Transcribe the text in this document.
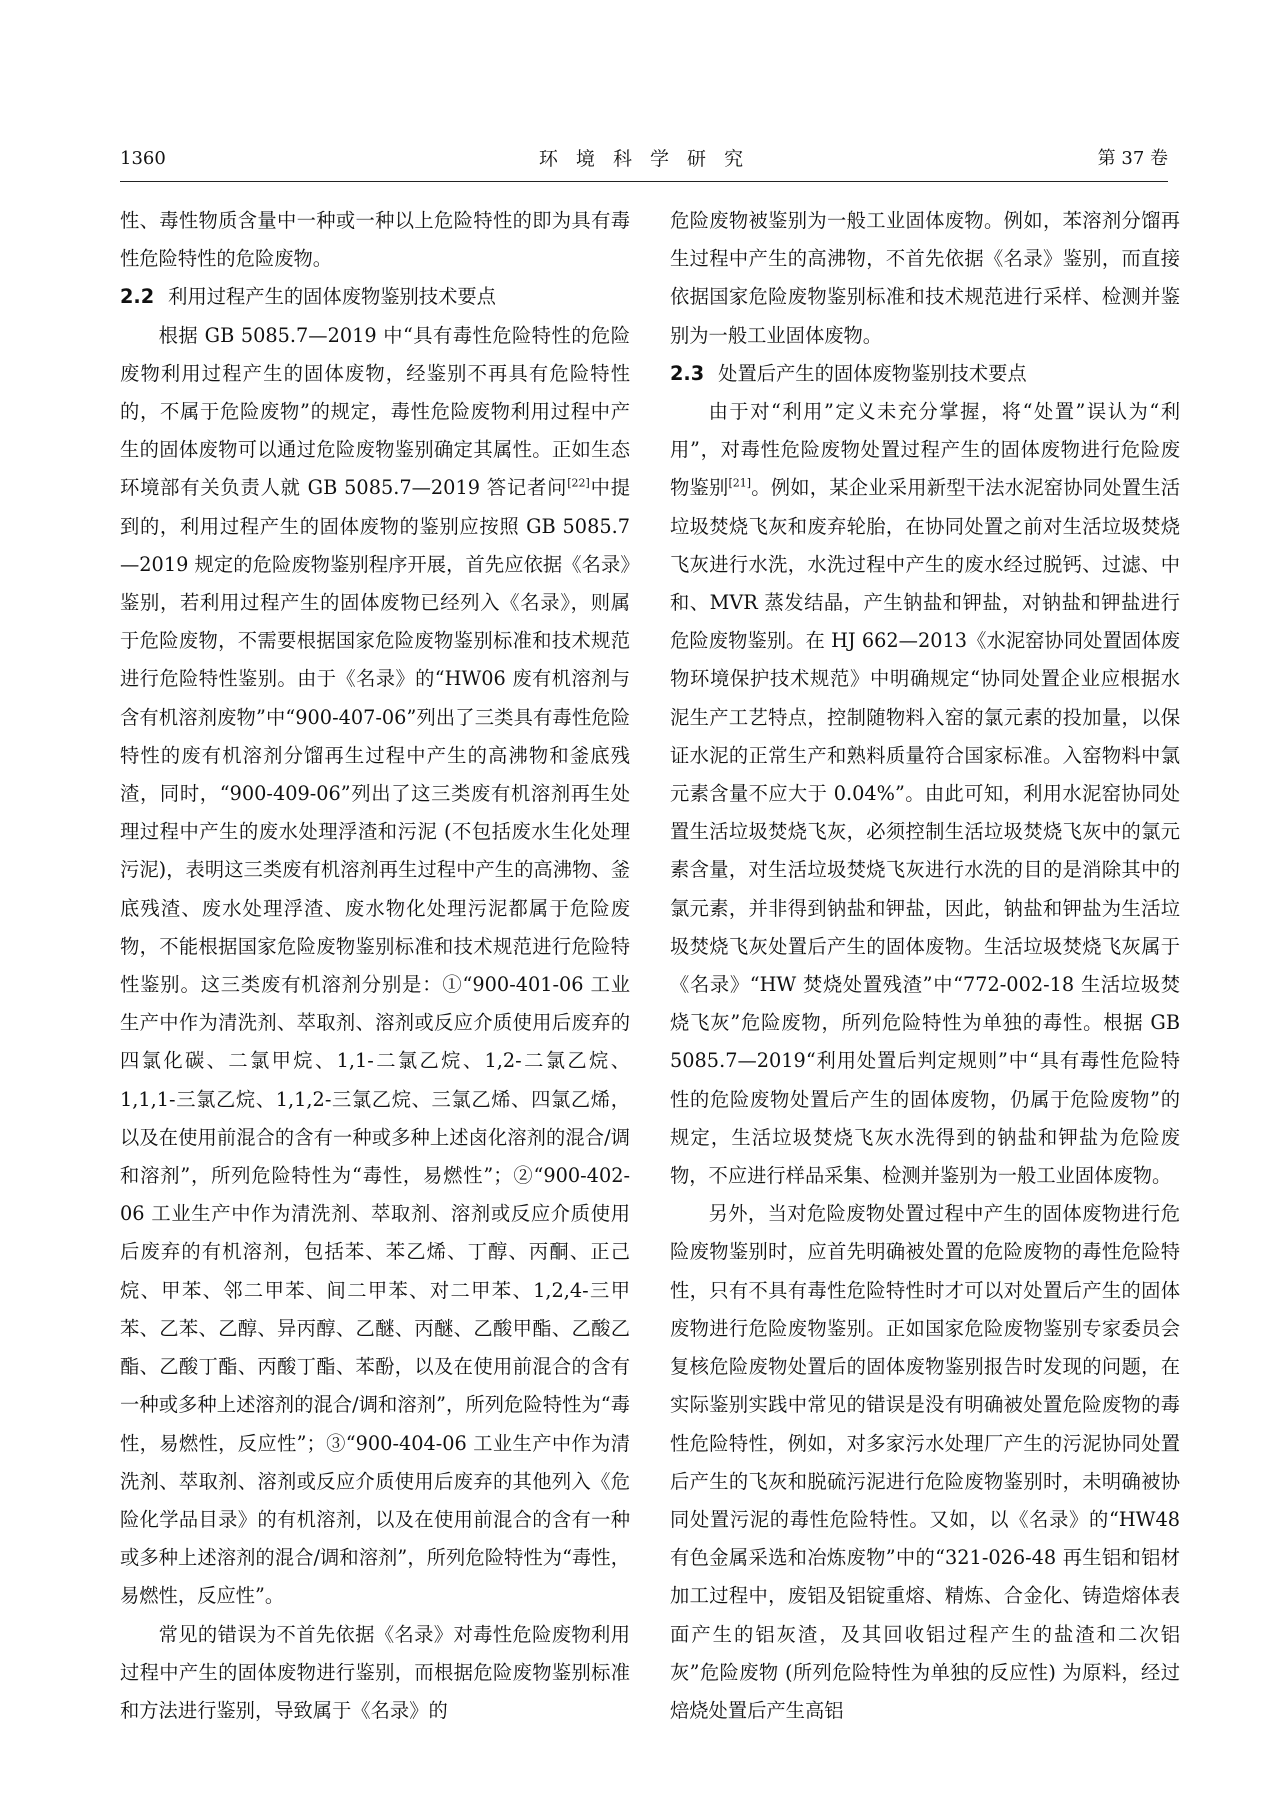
1360	环 境 科 学 研 究	第 37 卷

性、毒性物质含量中一种或一种以上危险特性的即为具有毒性危险特性的危险废物。

2.2 利用过程产生的固体废物鉴别技术要点

根据 GB 5085.7—2019 中“具有毒性危险特性的危险废物利用过程产生的固体废物，经鉴别不再具有危险特性的，不属于危险废物”的规定，毒性危险废物利用过程中产生的固体废物可以通过危险废物鉴别确定其属性。正如生态环境部有关负责人就 GB 5085.7—2019 答记者问[22]中提到的，利用过程产生的固体废物的鉴别应按照 GB 5085.7—2019 规定的危险废物鉴别程序开展，首先应依据《名录》鉴别，若利用过程产生的固体废物已经列入《名录》，则属于危险废物，不需要根据国家危险废物鉴别标准和技术规范进行危险特性鉴别。由于《名录》的“HW06 废有机溶剂与含有机溶剂废物”中“900-407-06”列出了三类具有毒性危险特性的废有机溶剂分馏再生过程中产生的高沸物和釜底残渣，同时，“900-409-06”列出了这三类废有机溶剂再生处理过程中产生的废水处理浮渣和污泥 (不包括废水生化处理污泥)，表明这三类废有机溶剂再生过程中产生的高沸物、釜底残渣、废水处理浮渣、废水物化处理污泥都属于危险废物，不能根据国家危险废物鉴别标准和技术规范进行危险特性鉴别。这三类废有机溶剂分别是：①“900-401-06 工业生产中作为清洗剂、萃取剂、溶剂或反应介质使用后废弃的四氯化碳、二氯甲烷、1,1-二氯乙烷、1,2-二氯乙烷、1,1,1-三氯乙烷、1,1,2-三氯乙烷、三氯乙烯、四氯乙烯，以及在使用前混合的含有一种或多种上述卤化溶剂的混合/调和溶剂”，所列危险特性为“毒性，易燃性”；②“900-402-06 工业生产中作为清洗剂、萃取剂、溶剂或反应介质使用后废弃的有机溶剂，包括苯、苯乙烯、丁醇、丙酮、正己烷、甲苯、邻二甲苯、间二甲苯、对二甲苯、1,2,4-三甲苯、乙苯、乙醇、异丙醇、乙醚、丙醚、乙酸甲酯、乙酸乙酯、乙酸丁酯、丙酸丁酯、苯酚，以及在使用前混合的含有一种或多种上述溶剂的混合/调和溶剂”，所列危险特性为“毒性，易燃性，反应性”；③“900-404-06 工业生产中作为清洗剂、萃取剂、溶剂或反应介质使用后废弃的其他列入《危险化学品目录》的有机溶剂，以及在使用前混合的含有一种或多种上述溶剂的混合/调和溶剂”，所列危险特性为“毒性，易燃性，反应性”。

常见的错误为不首先依据《名录》对毒性危险废物利用过程中产生的固体废物进行鉴别，而根据危险废物鉴别标准和方法进行鉴别，导致属于《名录》的

危险废物被鉴别为一般工业固体废物。例如，苯溶剂分馏再生过程中产生的高沸物，不首先依据《名录》鉴别，而直接依据国家危险废物鉴别标准和技术规范进行采样、检测并鉴别为一般工业固体废物。

2.3 处置后产生的固体废物鉴别技术要点

由于对“利用”定义未充分掌握，将“处置”误认为“利用”，对毒性危险废物处置过程产生的固体废物进行危险废物鉴别[21]。例如，某企业采用新型干法水泥窑协同处置生活垃圾焚烧飞灰和废弃轮胎，在协同处置之前对生活垃圾焚烧飞灰进行水洗，水洗过程中产生的废水经过脱钙、过滤、中和、MVR 蒸发结晶，产生钠盐和钾盐，对钠盐和钾盐进行危险废物鉴别。在 HJ 662—2013《水泥窑协同处置固体废物环境保护技术规范》中明确规定“协同处置企业应根据水泥生产工艺特点，控制随物料入窑的氯元素的投加量，以保证水泥的正常生产和熟料质量符合国家标准。入窑物料中氯元素含量不应大于 0.04%”。由此可知，利用水泥窑协同处置生活垃圾焚烧飞灰，必须控制生活垃圾焚烧飞灰中的氯元素含量，对生活垃圾焚烧飞灰进行水洗的目的是消除其中的氯元素，并非得到钠盐和钾盐，因此，钠盐和钾盐为生活垃圾焚烧飞灰处置后产生的固体废物。生活垃圾焚烧飞灰属于《名录》“HW 焚烧处置残渣”中“772-002-18 生活垃圾焚烧飞灰”危险废物，所列危险特性为单独的毒性。根据 GB 5085.7—2019“利用处置后判定规则”中“具有毒性危险特性的危险废物处置后产生的固体废物，仍属于危险废物”的规定，生活垃圾焚烧飞灰水洗得到的钠盐和钾盐为危险废物，不应进行样品采集、检测并鉴别为一般工业固体废物。

另外，当对危险废物处置过程中产生的固体废物进行危险废物鉴别时，应首先明确被处置的危险废物的毒性危险特性，只有不具有毒性危险特性时才可以对处置后产生的固体废物进行危险废物鉴别。正如国家危险废物鉴别专家委员会复核危险废物处置后的固体废物鉴别报告时发现的问题，在实际鉴别实践中常见的错误是没有明确被处置危险废物的毒性危险特性，例如，对多家污水处理厂产生的污泥协同处置后产生的飞灰和脱硫污泥进行危险废物鉴别时，未明确被协同处置污泥的毒性危险特性。又如，以《名录》的“HW48 有色金属采选和冶炼废物”中的“321-026-48 再生铝和铝材加工过程中，废铝及铝锭重熔、精炼、合金化、铸造熔体表面产生的铝灰渣，及其回收铝过程产生的盐渣和二次铝灰”危险废物 (所列危险特性为单独的反应性) 为原料，经过焙烧处置后产生高铝
